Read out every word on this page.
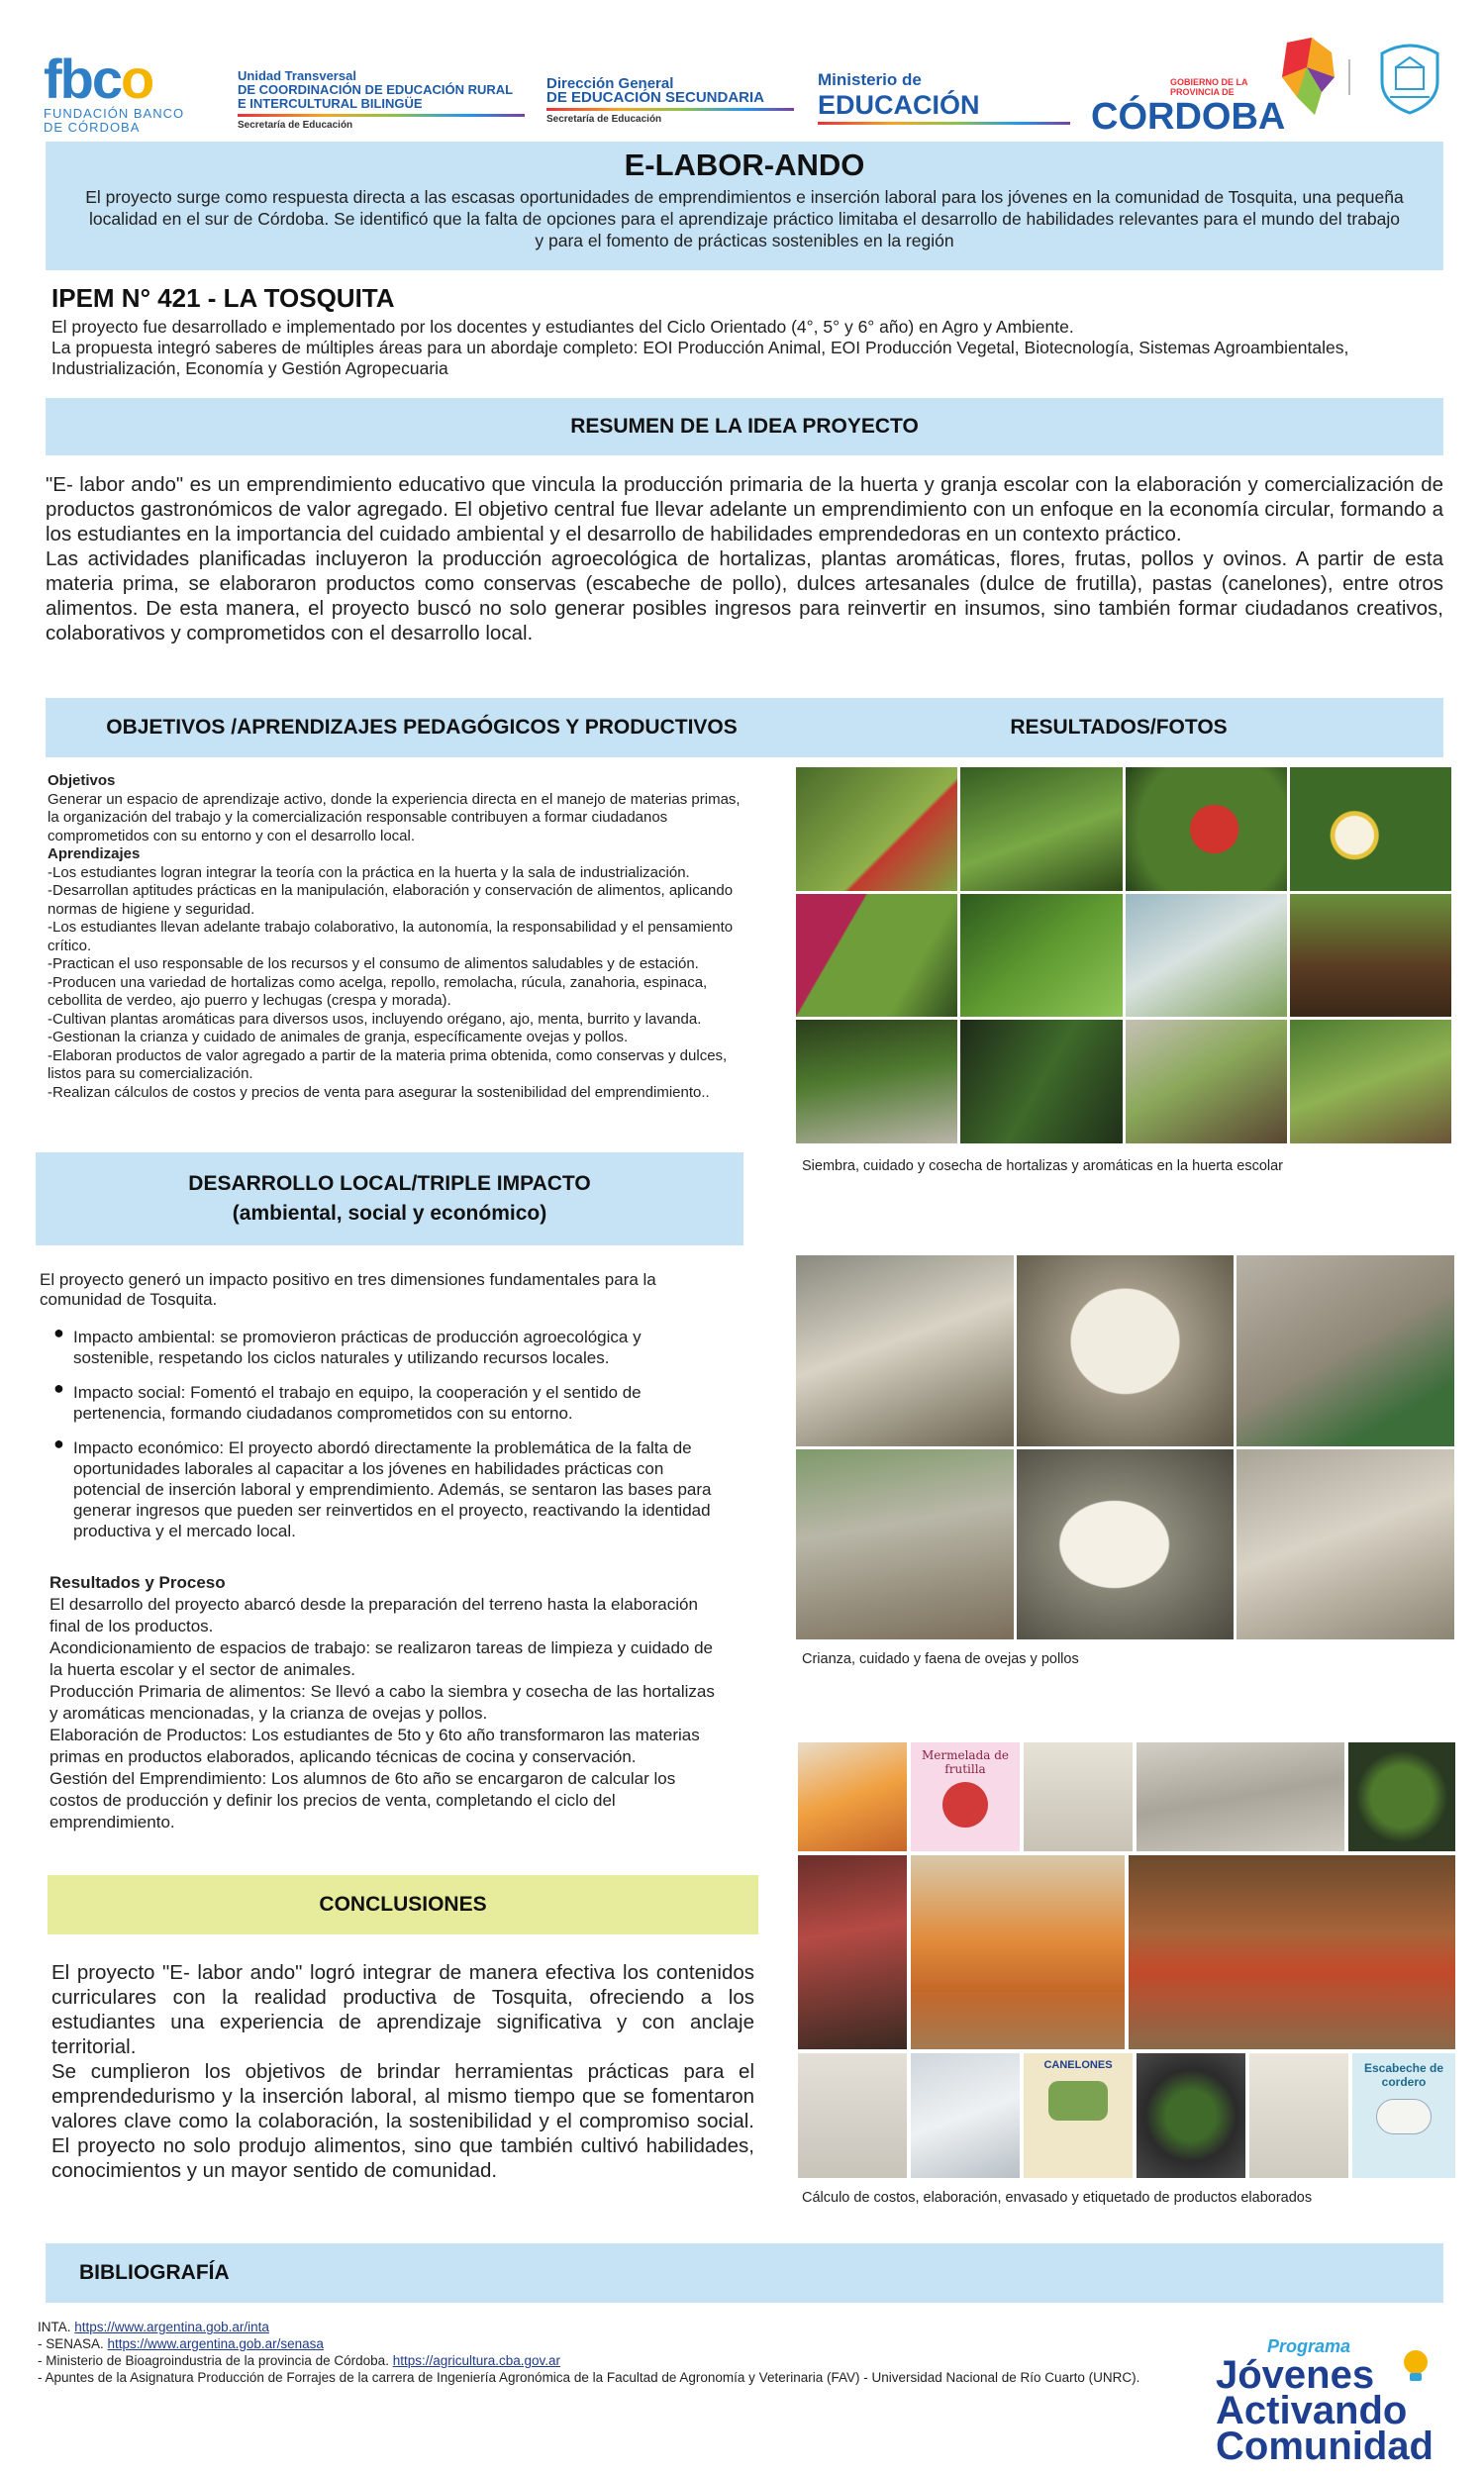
fbco
FUNDACIÓN BANCO
DE CÓRDOBA
Unidad Transversal
DE COORDINACIÓN DE EDUCACIÓN RURAL
E INTERCULTURAL BILINGÜE
Secretaría de Educación
Dirección General
DE EDUCACIÓN SECUNDARIA
Secretaría de Educación
Ministerio de
EDUCACIÓN
GOBIERNO DE LA PROVINCIA DE
CÓRDOBA
E-LABOR-ANDO

El proyecto surge como respuesta directa a las escasas oportunidades de emprendimientos e inserción laboral para los jóvenes en la comunidad de Tosquita, una pequeña localidad en el sur de Córdoba. Se identificó que la falta de opciones para el aprendizaje práctico limitaba el desarrollo de habilidades relevantes para el mundo del trabajo y para el fomento de prácticas sostenibles en la región

IPEM N° 421 - LA TOSQUITA
El proyecto fue desarrollado e implementado por los docentes y estudiantes del Ciclo Orientado (4°, 5° y 6° año) en Agro y Ambiente.
La propuesta integró saberes de múltiples áreas para un abordaje completo: EOI Producción Animal, EOI Producción Vegetal, Biotecnología, Sistemas Agroambientales, Industrialización, Economía y Gestión Agropecuaria
RESUMEN DE LA IDEA PROYECTO

"E- labor ando" es un emprendimiento educativo que vincula la producción primaria de la huerta y granja escolar con la elaboración y comercialización de productos gastronómicos de valor agregado. El objetivo central fue llevar adelante un emprendimiento con un enfoque en la economía circular, formando a los estudiantes en la importancia del cuidado ambiental y el desarrollo de habilidades emprendedoras en un contexto práctico.

Las actividades planificadas incluyeron la producción agroecológica de hortalizas, plantas aromáticas, flores, frutas, pollos y ovinos. A partir de esta materia prima, se elaboraron productos como conservas (escabeche de pollo), dulces artesanales (dulce de frutilla), pastas (canelones), entre otros alimentos. De esta manera, el proyecto buscó no solo generar posibles ingresos para reinvertir en insumos, sino también formar ciudadanos creativos, colaborativos y comprometidos con el desarrollo local.

OBJETIVOS /APRENDIZAJES PEDAGÓGICOS Y PRODUCTIVOS
Objetivos
Generar un espacio de aprendizaje activo, donde la experiencia directa en el manejo de materias primas, la organización del trabajo y la comercialización responsable contribuyen a formar ciudadanos comprometidos con su entorno y con el desarrollo local.
Aprendizajes
-Los estudiantes logran integrar la teoría con la práctica en la huerta y la sala de industrialización.
-Desarrollan aptitudes prácticas en la manipulación, elaboración y conservación de alimentos, aplicando normas de higiene y seguridad.
-Los estudiantes llevan adelante trabajo colaborativo, la autonomía, la responsabilidad y el pensamiento crítico.
-Practican el uso responsable de los recursos y el consumo de alimentos saludables y de estación.
-Producen una variedad de hortalizas como acelga, repollo, remolacha, rúcula, zanahoria, espinaca, cebollita de verdeo, ajo puerro y lechugas (crespa y morada).
-Cultivan plantas aromáticas para diversos usos, incluyendo orégano, ajo, menta, burrito y lavanda.
-Gestionan la crianza y cuidado de animales de granja, específicamente ovejas y pollos.
-Elaboran productos de valor agregado a partir de la materia prima obtenida, como conservas y dulces, listos para su comercialización.
-Realizan cálculos de costos y precios de venta para asegurar la sostenibilidad del emprendimiento..
RESULTADOS/FOTOS
Siembra, cuidado y cosecha de hortalizas y aromáticas en la huerta escolar
Crianza, cuidado y faena de ovejas y pollos
Mermelada de frutilla
CANELONES	Escabeche de cordero
Cálculo de costos, elaboración, envasado y etiquetado de productos elaborados
DESARROLLO LOCAL/TRIPLE IMPACTO
(ambiental, social y económico)
El proyecto generó un impacto positivo en tres dimensiones fundamentales para la comunidad de Tosquita.
● Impacto ambiental: se promovieron prácticas de producción agroecológica y sostenible, respetando los ciclos naturales y utilizando recursos locales.
● Impacto social: Fomentó el trabajo en equipo, la cooperación y el sentido de pertenencia, formando ciudadanos comprometidos con su entorno.
● Impacto económico: El proyecto abordó directamente la problemática de la falta de oportunidades laborales al capacitar a los jóvenes en habilidades prácticas con potencial de inserción laboral y emprendimiento. Además, se sentaron las bases para generar ingresos que pueden ser reinvertidos en el proyecto, reactivando la identidad productiva y el mercado local.
Resultados y Proceso
El desarrollo del proyecto abarcó desde la preparación del terreno hasta la elaboración final de los productos.
Acondicionamiento de espacios de trabajo: se realizaron tareas de limpieza y cuidado de la huerta escolar y el sector de animales.
Producción Primaria de alimentos: Se llevó a cabo la siembra y cosecha de las hortalizas y aromáticas mencionadas, y la crianza de ovejas y pollos.
Elaboración de Productos: Los estudiantes de 5to y 6to año transformaron las materias primas en productos elaborados, aplicando técnicas de cocina y conservación.
Gestión del Emprendimiento: Los alumnos de 6to año se encargaron de calcular los costos de producción y definir los precios de venta, completando el ciclo del emprendimiento.
CONCLUSIONES

El proyecto "E- labor ando" logró integrar de manera efectiva los contenidos curriculares con la realidad productiva de Tosquita, ofreciendo a los estudiantes una experiencia de aprendizaje significativa y con anclaje territorial.

Se cumplieron los objetivos de brindar herramientas prácticas para el emprendedurismo y la inserción laboral, al mismo tiempo que se fomentaron valores clave como la colaboración, la sostenibilidad y el compromiso social. El proyecto no solo produjo alimentos, sino que también cultivó habilidades, conocimientos y un mayor sentido de comunidad.

BIBLIOGRAFÍA
INTA. https://www.argentina.gob.ar/inta
- SENASA. https://www.argentina.gob.ar/senasa
- Ministerio de Bioagroindustria de la provincia de Córdoba. https://agricultura.cba.gov.ar
- Apuntes de la Asignatura Producción de Forrajes de la carrera de Ingeniería Agronómica de la Facultad de Agronomía y Veterinaria (FAV) - Universidad Nacional de Río Cuarto (UNRC).
Programa
Jóvenes
Activando
Comunidad
